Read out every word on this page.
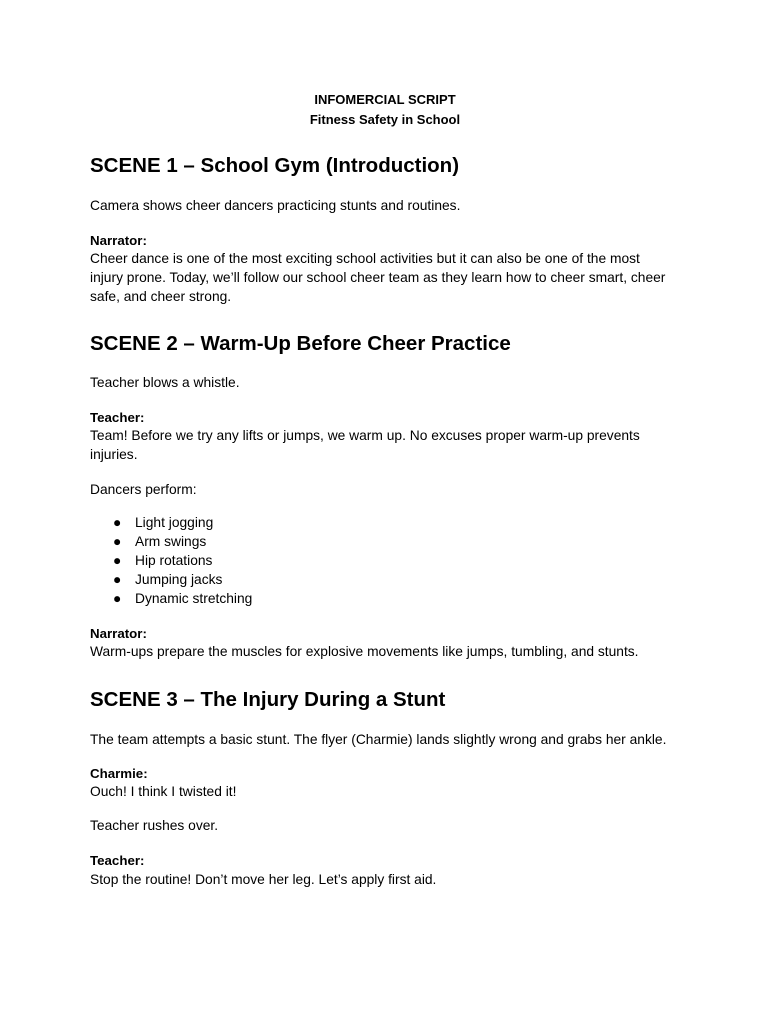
INFOMERCIAL SCRIPT
Fitness Safety in School
SCENE 1 – School Gym (Introduction)
Camera shows cheer dancers practicing stunts and routines.
Narrator:
Cheer dance is one of the most exciting school activities but it can also be one of the most
injury prone. Today, we’ll follow our school cheer team as they learn how to cheer smart, cheer
safe, and cheer strong.
SCENE 2 – Warm-Up Before Cheer Practice
Teacher blows a whistle.
Teacher:
Team! Before we try any lifts or jumps, we warm up. No excuses proper warm-up prevents
injuries.
Dancers perform:
● Light jogging
● Arm swings
● Hip rotations
● Jumping jacks
● Dynamic stretching
Narrator:
Warm-ups prepare the muscles for explosive movements like jumps, tumbling, and stunts.
SCENE 3 – The Injury During a Stunt
The team attempts a basic stunt. The flyer (Charmie) lands slightly wrong and grabs her ankle.
Charmie:
Ouch! I think I twisted it!
Teacher rushes over.
Teacher:
Stop the routine! Don’t move her leg. Let’s apply first aid.
